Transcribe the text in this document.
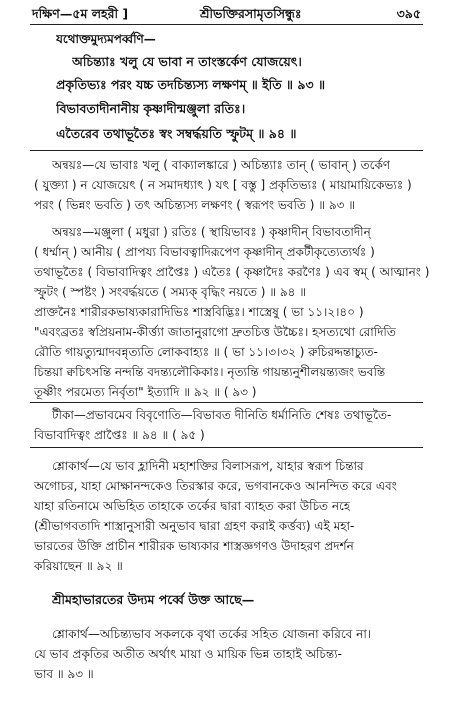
দক্ষিণ—৫ম লহরী ]	শ্রীভক্তিরসামৃতসিন্ধুঃ	৩৯৫
যথোক্তমুদ্যমপর্ব্বণি—
অচিন্ত্যাঃ খলু যে ভাবা ন তাংস্তর্কেণ যোজয়েৎ।
প্রকৃতিভ্যঃ পরং যচ্চ তদচিন্ত্যস্য লক্ষণম্ ॥ ইতি ॥ ৯৩ ॥
বিভাবতাদীনানীয় কৃষ্ণাদীন্মঞ্জুলা রতিঃ।
এতৈরেব তথাভূতৈঃ স্বং সম্বর্দ্ধয়তি স্ফুটম্ ॥ ৯৪ ॥
অন্বয়ঃ—যে ভাবাঃ খলু ( বাক্যালঙ্কারে ) অচিন্ত্যাঃ তান্ ( ভাবান্ ) তর্কেণ
( যুক্ত্যা ) ন যোজয়েৎ ( ন সমাদধ্যাৎ ) যৎ [ বস্তু ] প্রকৃতিভ্যঃ ( মায়ামায়িকেভ্যঃ )
পরং ( ভিন্নং ভবতি ) তৎ অচিন্ত্যস্য লক্ষণং ( স্বরূপং ভবতি ) ॥ ৯৩ ॥
অন্বয়ঃ—মঞ্জুলা ( মধুরা ) রতিঃ ( স্থায়িভাবঃ ) কৃষ্ণাদীন্ বিভাবতাদীন্
( ধর্ম্মান্ ) আনীয় ( প্রাপয্য বিভাবত্বাদিরূপেণ কৃষ্ণাদীন্ প্রকটীকৃত্যেত্যর্থঃ )
তথাভূতৈঃ ( বিভাবাদিত্বং প্রাপ্তৈঃ ) এতৈঃ ( কৃষ্ণাদৈঃ করণৈঃ ) এব স্বম্ ( আত্মানং )
স্ফুটং ( স্পষ্টং ) সংবর্দ্ধয়তে ( সম্যক্ বৃদ্ধিং নয়তে ) ॥ ৯৪ ॥
প্রাক্তনৈঃ শারীরকভাষ্যকারাদিভিঃ শাস্ত্রবিদ্ভিঃ। শাস্ত্রেষু ( ভা ১১।২।৪০ )
"এবংব্রতঃ স্বপ্রিয়নাম-কীর্ত্ত্যা জাতানুরাগো দ্রুতচিত্ত উচ্চৈঃ। হসত্যথো রোদিতি
রৌতি গায়ত্যুন্মাদবন্নৃত্যতি লোকবাহ্যঃ ॥ ( ভা ১১।৩।৩২ ) রুচিরদ্দন্তাচ্যুত-
চিন্তয়া ক্বচিৎসন্তি নন্দন্তি বদন্ত্যলৌকিকাঃ। নৃত্যন্তি গায়ন্ত্যনুশীলয়ন্ত্যজং ভবন্তি
তূষ্ণীং পরমেত্য নির্বৃতা" ইত্যাদি ॥ ৯২ ॥ ( ৯৩ )
টীকা—প্রভাবমেব বিবৃণোতি—বিভাবত দীনিতি ধর্মানিতি শেষঃ তথাভূতৈ-
বিভাবাদিত্বং প্রাপ্তৈঃ ॥ ৯৪ ॥ ( ৯৫ )
শ্লোকার্থ—যে ভাব হ্লাদিনী মহাশক্তির বিলাসরূপ, যাহার স্বরূপ চিন্তার
অগোচর, যাহা মোক্ষানন্দকেও তিরস্কার করে, ভগবানকেও আনন্দিত করে এবং
যাহা রতিনামে অভিহিত তাহাকে তর্কের দ্বারা ব্যাহত করা উচিত নহে
(শ্রীভাগবতাদি শাস্ত্রানুসারী অনুভাব দ্বারা গ্রহণ করাই কর্ত্তব্য) এই মহা-
ভারতের উক্তি প্রাচীন শারীরক ভাষ্যকার শাস্ত্রজ্ঞগণও উদাহরণ প্রদর্শন
করিয়াছেন ॥ ৯২ ॥
শ্রীমহাভারতের উদ্যম পর্ব্বে উক্ত আছে—
শ্লোকার্থ—অচিন্ত্যভাব সকলকে বৃথা তর্কের সহিত যোজনা করিবে না।
যে ভাব প্রকৃতির অতীত অর্থাৎ মায়া ও মায়িক ভিন্ন তাহাই অচিন্ত্য-
ভাব ॥ ৯৩ ॥
